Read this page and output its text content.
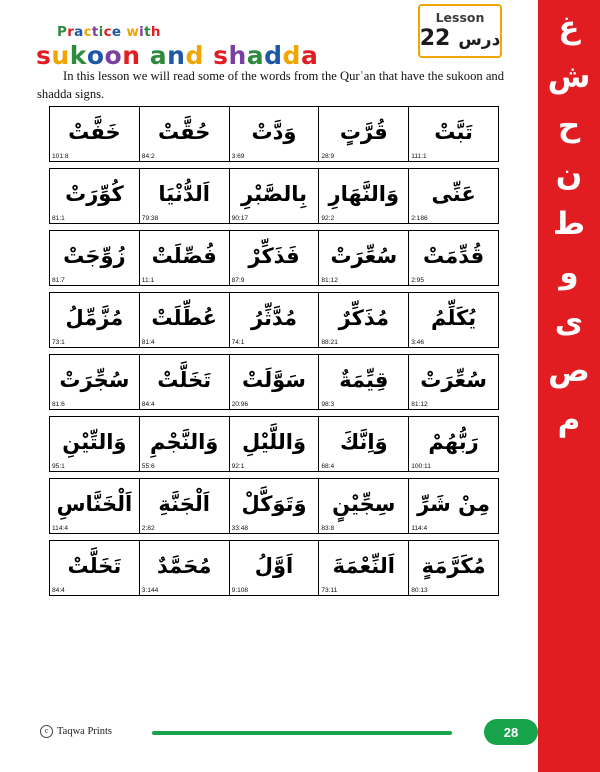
Practice with
sukoon and shadda
Lesson
22 درس
In this lesson we will read some of the words from the Qurʾan that have the sukoon and shadda signs.
خَفَّتْ
101:8
حُقَّتْ
84:2
وَدَّتْ
3:69
قُرَّتٍ
28:9
تَبَّتْ
111:1
كُوِّرَتْ
81:1
اَلدُّنْيَا
79:38
بِالصَّبْرِ
90:17
وَالنَّهَارِ
92:2
عَنِّى
2:186
زُوِّجَتْ
81:7
فُصِّلَتْ
11:1
فَذَكِّرْ
87:9
سُعِّرَتْ
81:12
قُدِّمَتْ
2:95
مُزَّمِّلُ
73:1
عُطِّلَتْ
81:4
مُدَّثِّرُ
74:1
مُذَكِّرٌ
88:21
يُكَلِّمُ
3:46
سُجِّرَتْ
81:6
تَخَلَّتْ
84:4
سَوَّلَتْ
20:96
قِيِّمَةٌ
98:3
سُعِّرَتْ
81:12
وَالتِّيْنِ
95:1
وَالنَّجْمِ
55:6
وَاللَّيْلِ
92:1
وَاِنَّكَ
68:4
رَبُّهُمْ
100:11
اَلْخَنَّاسِ
114:4
اَلْجَنَّةِ
2:82
وَتَوَكَّلْ
33:48
سِجِّيْنٍ
83:8
مِنْ شَرِّ
114:4
تَخَلَّتْ
84:4
مُحَمَّدٌ
3:144
اَوَّلُ
9:108
اَلنِّعْمَةَ
73:11
مُكَرَّمَةٍ
80:13
c Taqwa Prints	28
غ
ش
ح
ن
ط
و
ى
ص
م
